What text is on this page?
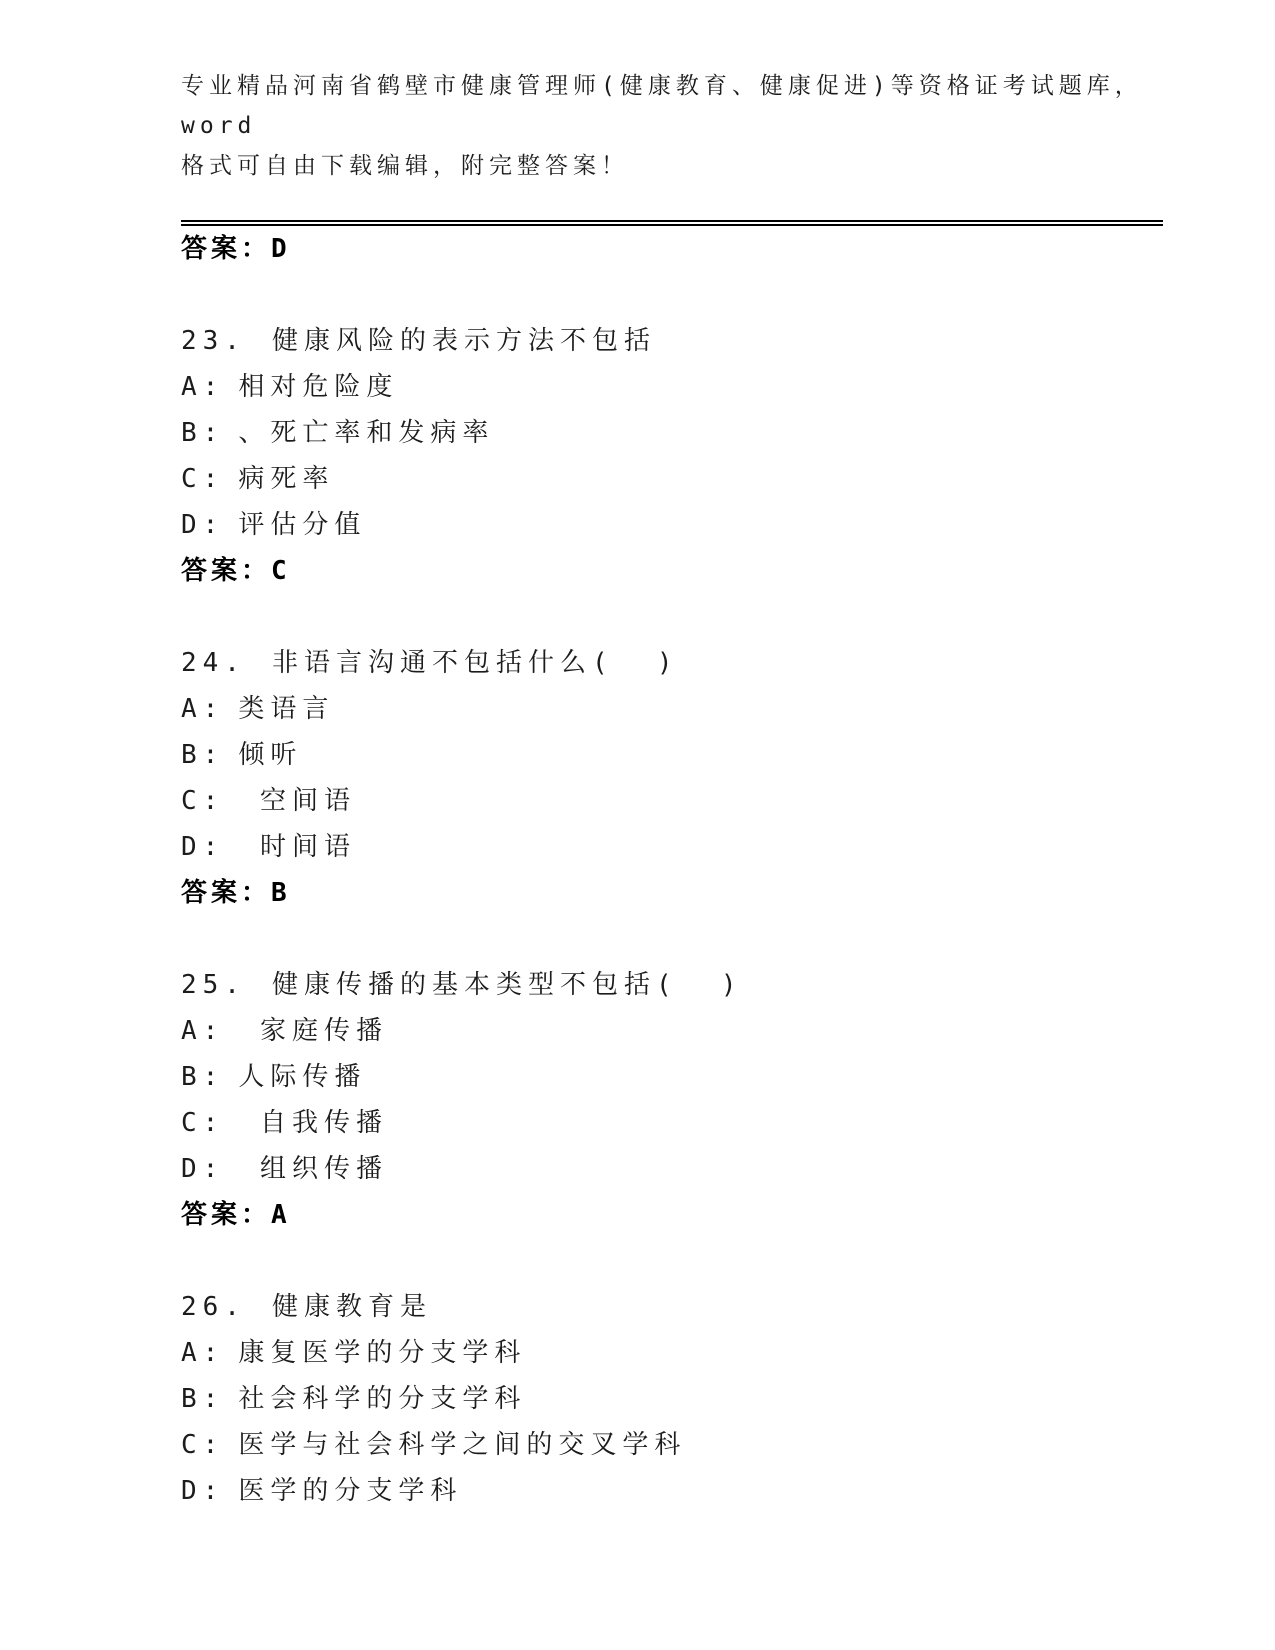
专业精品河南省鹤壁市健康管理师(健康教育、健康促进)等资格证考试题库，word

格式可自由下载编辑，附完整答案！

答案：D

23. 健康风险的表示方法不包括

A: 相对危险度

B: 、死亡率和发病率

C: 病死率

D: 评估分值

答案：C

24. 非语言沟通不包括什么(  )

A: 类语言

B: 倾听

C: 空间语

D: 时间语

答案：B

25. 健康传播的基本类型不包括(  )

A: 家庭传播

B: 人际传播

C: 自我传播

D: 组织传播

答案：A

26. 健康教育是

A: 康复医学的分支学科

B: 社会科学的分支学科

C: 医学与社会科学之间的交叉学科

D: 医学的分支学科
